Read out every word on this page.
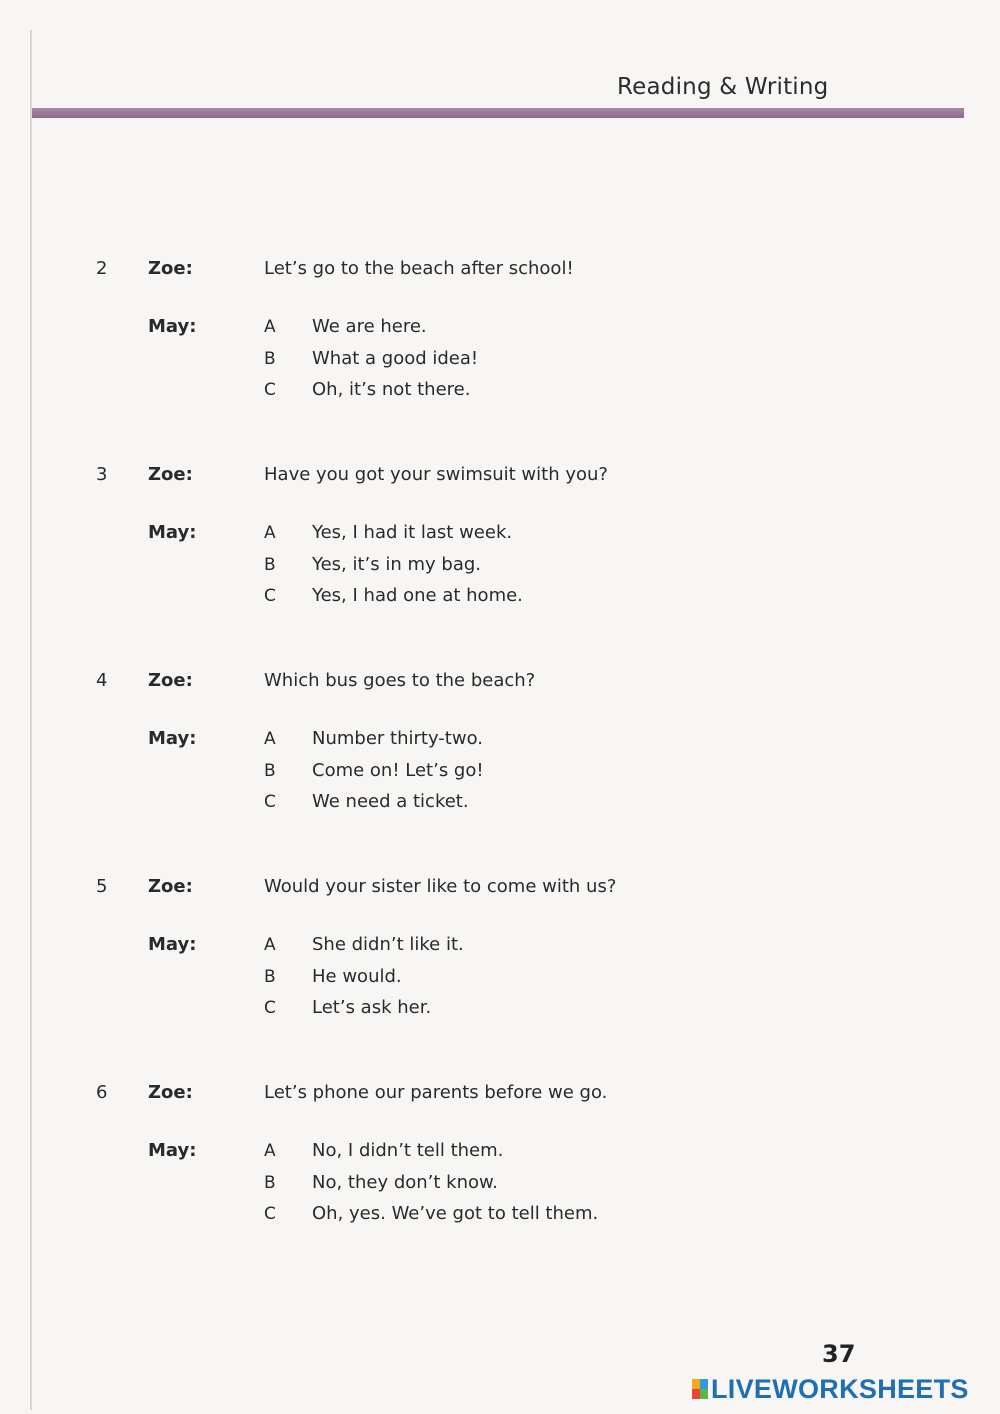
Reading & Writing
2 Zoe:	Let’s go to the beach after school!
May:	A We are here.
B What a good idea!
C Oh, it’s not there.
3 Zoe:	Have you got your swimsuit with you?
May:	A Yes, I had it last week.
B Yes, it’s in my bag.
C Yes, I had one at home.
4 Zoe:	Which bus goes to the beach?
May:	A Number thirty-two.
B Come on! Let’s go!
C We need a ticket.
5 Zoe:	Would your sister like to come with us?
May:	A She didn’t like it.
B He would.
C Let’s ask her.
6 Zoe:	Let’s phone our parents before we go.
May:	A No, I didn’t tell them.
B No, they don’t know.
C Oh, yes. We’ve got to tell them.
37
LIVEWORKSHEETS
